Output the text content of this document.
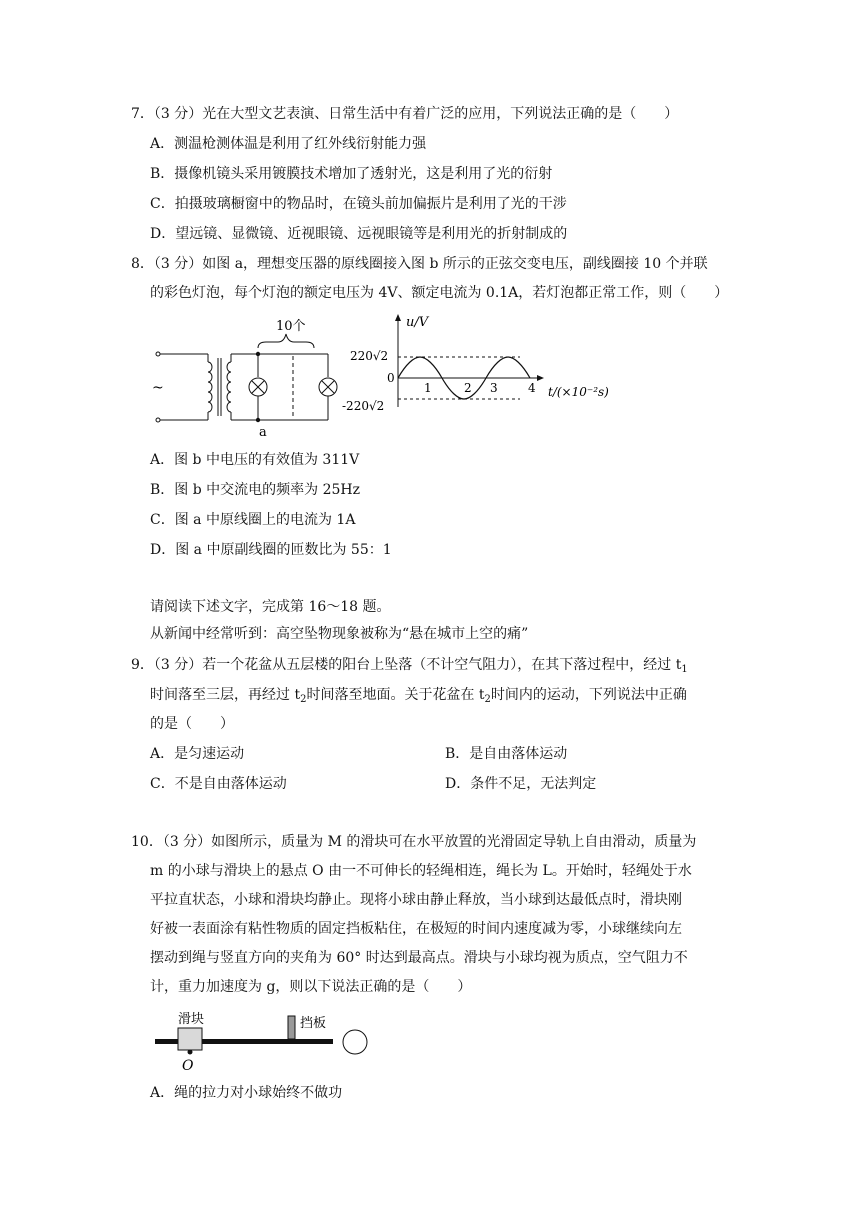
7．（3 分）光在大型文艺表演、日常生活中有着广泛的应用，下列说法正确的是（　　）
A．测温枪测体温是利用了红外线衍射能力强
B．摄像机镜头采用镀膜技术增加了透射光，这是利用了光的衍射
C．拍摄玻璃橱窗中的物品时，在镜头前加偏振片是利用了光的干涉
D．望远镜、显微镜、近视眼镜、远视眼镜等是利用光的折射制成的
8．（3 分）如图 a，理想变压器的原线圈接入图 b 所示的正弦交变电压，副线圈接 10 个并联
的彩色灯泡，每个灯泡的额定电压为 4V、额定电流为 0.1A，若灯泡都正常工作，则（　　）
~
10个
a
u/V
220√2
0
-220√2
1	2 3	4 t/(×10⁻²s)
A．图 b 中电压的有效值为 311V
B．图 b 中交流电的频率为 25Hz
C．图 a 中原线圈上的电流为 1A
D．图 a 中原副线圈的匝数比为 55：1
请阅读下述文字，完成第 16～18 题。
从新闻中经常听到：高空坠物现象被称为“悬在城市上空的痛”
9．（3 分）若一个花盆从五层楼的阳台上坠落（不计空气阻力），在其下落过程中，经过 $t_1$
时间落至三层，再经过 $t_2$时间落至地面。关于花盆在 $t_2$时间内的运动，下列说法中正确
的是（　　）
A．是匀速运动	B．是自由落体运动
C．不是自由落体运动	D．条件不足，无法判定
10．（3 分）如图所示，质量为 M 的滑块可在水平放置的光滑固定导轨上自由滑动，质量为
m 的小球与滑块上的悬点 O 由一不可伸长的轻绳相连，绳长为 L。开始时，轻绳处于水
平拉直状态，小球和滑块均静止。现将小球由静止释放，当小球到达最低点时，滑块刚
好被一表面涂有粘性物质的固定挡板粘住，在极短的时间内速度减为零，小球继续向左
摆动到绳与竖直方向的夹角为 60° 时达到最高点。滑块与小球均视为质点，空气阻力不
计，重力加速度为 g，则以下说法正确的是（　　）
滑块	挡板
O
A．绳的拉力对小球始终不做功
